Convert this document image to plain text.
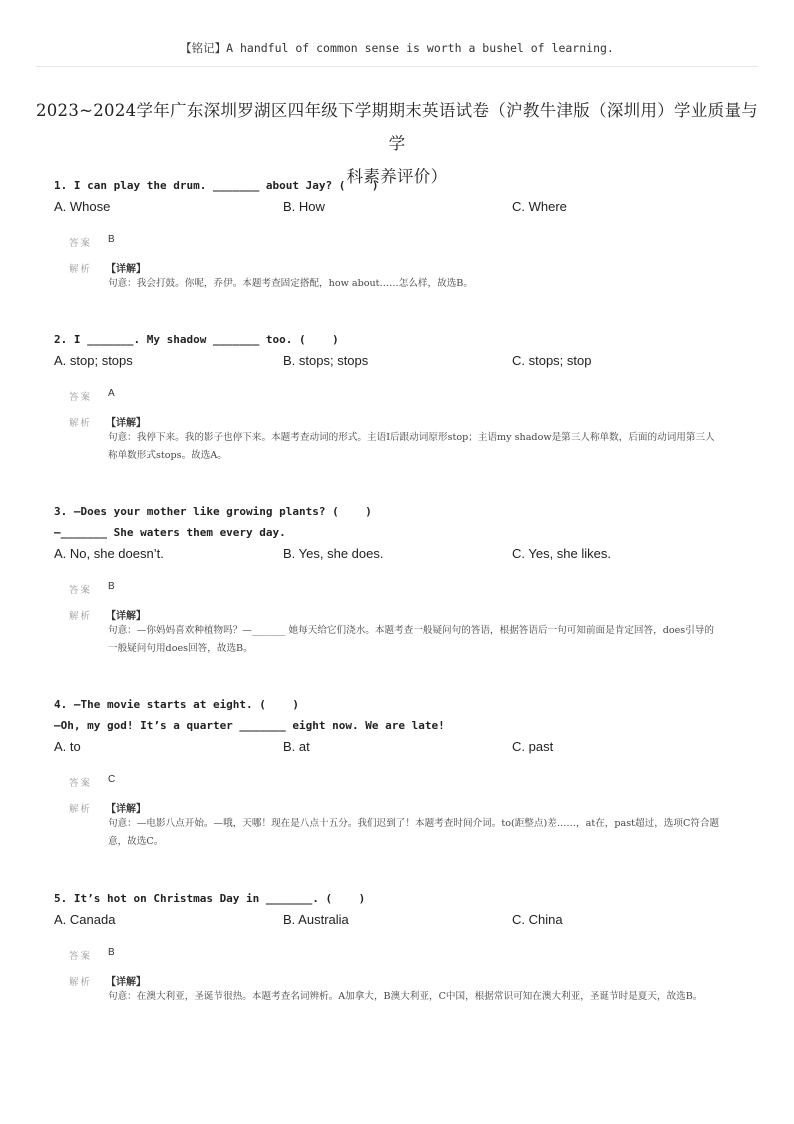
【铭记】A handful of common sense is worth a bushel of learning.
2023~2024学年广东深圳罗湖区四年级下学期期末英语试卷（沪教牛津版（深圳用）学业质量与学
科素养评价）
1. I can play the drum. _______ about Jay? (    )
A. Whose	B. How	C. Where
答案 B
解析 【详解】
句意：我会打鼓。你呢，乔伊。本题考查固定搭配，how about……怎么样，故选B。
2. I _______. My shadow _______ too. (    )
A. stop; stops	B. stops; stops	C. stops; stop
答案 A
解析 【详解】
句意：我停下来。我的影子也停下来。本题考查动词的形式。主语I后跟动词原形stop；主语my shadow是第三人称单数，后面的动词用第三人称单数形式stops。故选A。
3. —Does your mother like growing plants? (    )
—_______ She waters them every day.
A. No, she doesn’t.	B. Yes, she does.	C. Yes, she likes.
答案 B
解析 【详解】
句意：—你妈妈喜欢种植物吗？—_______ 她每天给它们浇水。本题考查一般疑问句的答语，根据答语后一句可知前面是肯定回答，does引导的一般疑问句用does回答，故选B。
4. —The movie starts at eight. (    )
—Oh, my god! It’s a quarter _______ eight now. We are late!
A. to	B. at	C. past
答案 C
解析 【详解】
句意：—电影八点开始。—哦，天哪！现在是八点十五分。我们迟到了！本题考查时间介词。to(距整点)差……，at在，past超过，选项C符合题意，故选C。
5. It’s hot on Christmas Day in _______. (    )
A. Canada	B. Australia	C. China
答案 B
解析 【详解】
句意：在澳大利亚，圣诞节很热。本题考查名词辨析。A加拿大，B澳大利亚，C中国，根据常识可知在澳大利亚，圣诞节时是夏天，故选B。
